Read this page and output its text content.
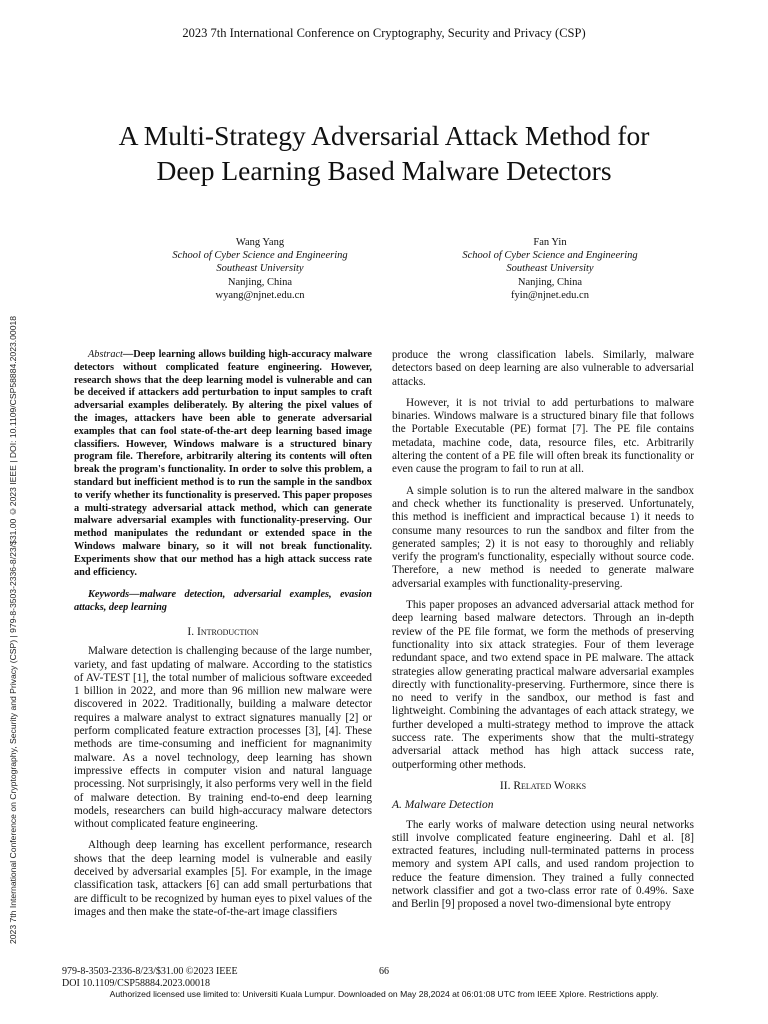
2023 7th International Conference on Cryptography, Security and Privacy (CSP)
A Multi-Strategy Adversarial Attack Method for
Deep Learning Based Malware Detectors
Wang Yang
School of Cyber Science and Engineering
Southeast University
Nanjing, China
wyang@njnet.edu.cn
Fan Yin
School of Cyber Science and Engineering
Southeast University
Nanjing, China
fyin@njnet.edu.cn
2023 7th International Conference on Cryptography, Security and Privacy (CSP) | 979-8-3503-2336-8/23/$31.00 ©2023 IEEE | DOI: 10.1109/CSP58884.2023.00018	Abstract—Deep learning allows building high-accuracy malware detectors without complicated feature engineering. However, research shows that the deep learning model is vulnerable and can be deceived if attackers add perturbation to input samples to craft adversarial examples deliberately. By altering the pixel values of the images, attackers have been able to generate adversarial examples that can fool state-of-the-art deep learning based image classifiers. However, Windows malware is a structured binary program file. Therefore, arbitrarily altering its contents will often break the program's functionality. In order to solve this problem, a standard but inefficient method is to run the sample in the sandbox to verify whether its functionality is preserved. This paper proposes a multi-strategy adversarial attack method, which can generate malware adversarial examples with functionality-preserving. Our method manipulates the redundant or extended space in the Windows malware binary, so it will not break functionality. Experiments show that our method has a high attack success rate and efficiency.
Keywords—malware detection, adversarial examples, evasion attacks, deep learning
I. Introduction

Malware detection is challenging because of the large number, variety, and fast updating of malware. According to the statistics of AV-TEST [1], the total number of malicious software exceeded 1 billion in 2022, and more than 96 million new malware were discovered in 2022. Traditionally, building a malware detector requires a malware analyst to extract signatures manually [2] or perform complicated feature extraction processes [3], [4]. These methods are time-consuming and inefficient for magnanimity malware. As a novel technology, deep learning has shown impressive effects in computer vision and natural language processing. Not surprisingly, it also performs very well in the field of malware detection. By training end-to-end deep learning models, researchers can build high-accuracy malware detectors without complicated feature engineering.

Although deep learning has excellent performance, research shows that the deep learning model is vulnerable and easily deceived by adversarial examples [5]. For example, in the image classification task, attackers [6] can add small perturbations that are difficult to be recognized by human eyes to pixel values of the images and then make the state-of-the-art image classifiers

produce the wrong classification labels. Similarly, malware detectors based on deep learning are also vulnerable to adversarial attacks.

However, it is not trivial to add perturbations to malware binaries. Windows malware is a structured binary file that follows the Portable Executable (PE) format [7]. The PE file contains metadata, machine code, data, resource files, etc. Arbitrarily altering the content of a PE file will often break its functionality or even cause the program to fail to run at all.

A simple solution is to run the altered malware in the sandbox and check whether its functionality is preserved. Unfortunately, this method is inefficient and impractical because 1) it needs to consume many resources to run the sandbox and filter from the generated samples; 2) it is not easy to thoroughly and reliably verify the program's functionality, especially without source code. Therefore, a new method is needed to generate malware adversarial examples with functionality-preserving.

This paper proposes an advanced adversarial attack method for deep learning based malware detectors. Through an in-depth review of the PE file format, we form the methods of preserving functionality into six attack strategies. Four of them leverage redundant space, and two extend space in PE malware. The attack strategies allow generating practical malware adversarial examples directly with functionality-preserving. Furthermore, since there is no need to verify in the sandbox, our method is fast and lightweight. Combining the advantages of each attack strategy, we further developed a multi-strategy method to improve the attack success rate. The experiments show that the multi-strategy adversarial attack method has high attack success rate, outperforming other methods.

II. Related Works
A. Malware Detection

The early works of malware detection using neural networks still involve complicated feature engineering. Dahl et al. [8] extracted features, including null-terminated patterns in process memory and system API calls, and used random projection to reduce the feature dimension. They trained a fully connected network classifier and got a two-class error rate of 0.49%. Saxe and Berlin [9] proposed a novel two-dimensional byte entropy

979-8-3503-2336-8/23/$31.00 ©2023 IEEE
DOI 10.1109/CSP58884.2023.00018
66
Authorized licensed use limited to: Universiti Kuala Lumpur. Downloaded on May 28,2024 at 06:01:08 UTC from IEEE Xplore. Restrictions apply.
